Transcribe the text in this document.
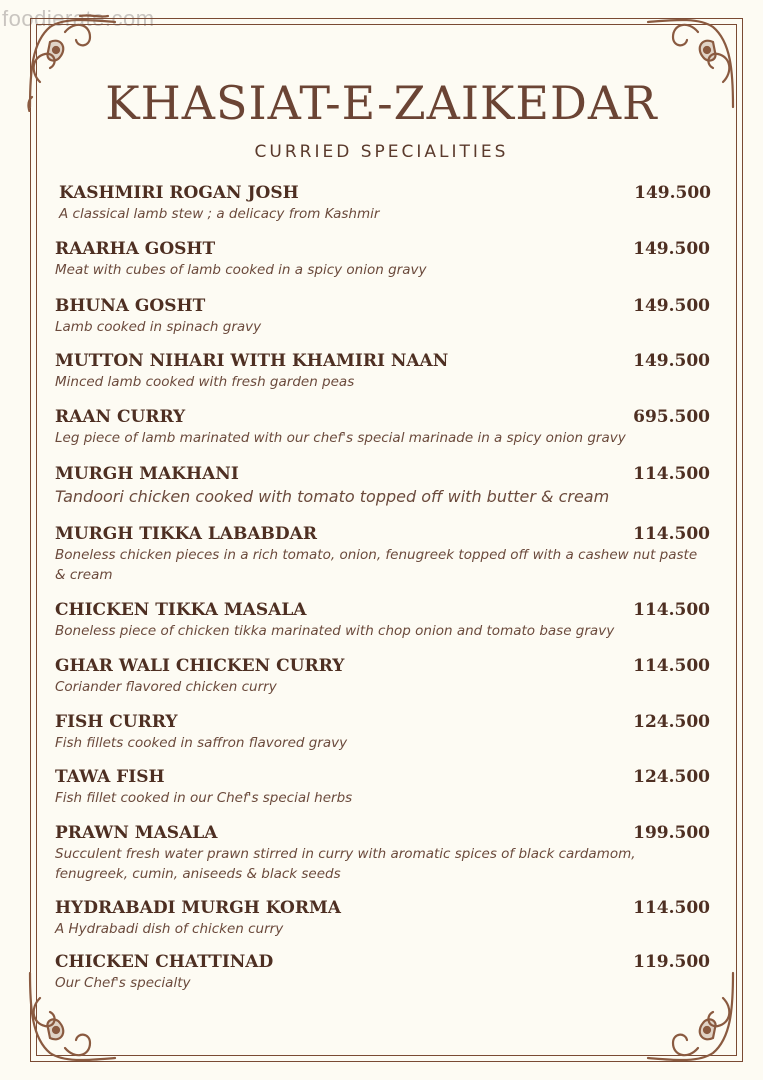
foodierate.com
KHASIAT-E-ZAIKEDAR
CURRIED SPECIALITIES
KASHMIRI ROGAN JOSH	149.500
A classical lamb stew ; a delicacy from Kashmir
RAARHA GOSHT	149.500
Meat with cubes of lamb cooked in a spicy onion gravy
BHUNA GOSHT	149.500
Lamb cooked in spinach gravy
MUTTON NIHARI WITH KHAMIRI NAAN	149.500
Minced lamb cooked with fresh garden peas
RAAN CURRY	695.500
Leg piece of lamb marinated with our chef's special marinade in a spicy onion gravy
MURGH MAKHANI	114.500
Tandoori chicken cooked with tomato topped off with butter & cream
MURGH TIKKA LABABDAR	114.500
Boneless chicken pieces in a rich tomato, onion, fenugreek topped off with a cashew nut paste & cream
CHICKEN TIKKA MASALA	114.500
Boneless piece of chicken tikka marinated with chop onion and tomato base gravy
GHAR WALI CHICKEN CURRY	114.500
Coriander flavored chicken curry
FISH CURRY	124.500
Fish fillets cooked in saffron flavored gravy
TAWA FISH	124.500
Fish fillet cooked in our Chef's special herbs
PRAWN MASALA	199.500
Succulent fresh water prawn stirred in curry with aromatic spices of black cardamom, fenugreek, cumin, aniseeds & black seeds
HYDRABADI MURGH KORMA	114.500
A Hydrabadi dish of chicken curry
CHICKEN CHATTINAD	119.500
Our Chef's specialty
